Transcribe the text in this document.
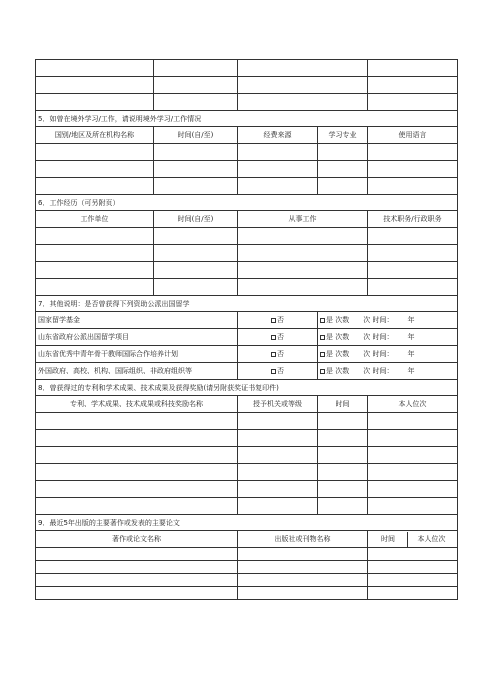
5．如曾在境外学习/工作，请说明境外学习/工作情况				
国别/地区及所在机构名称	时间(自/至)	经费来源	学习专业	使用语言

6．工作经历（可另附页）				
工作单位	时间(自/至)	从事工作		技术职务/行政职务

7．其他说明：是否曾获得下列资助公派出国留学				
国家留学基金		否	是 次数 次 时间： 年	
山东省政府公派出国留学项目		否	是 次数 次 时间： 年	
山东省优秀中青年骨干教师国际合作培养计划		否	是 次数 次 时间： 年	
外国政府、高校、机构、国际组织、非政府组织等		否	是 次数 次 时间： 年	
8．曾获得过的专利和学术成果、技术成果及获得奖励(请另附获奖证书复印件)				
专利、学术成果、技术成果或科技奖励名称		授予机关或等级	时间	本人位次

9．最近5年出版的主要著作或发表的主要论文				
著作或论文名称		出版社或刊物名称		时间 本人位次
